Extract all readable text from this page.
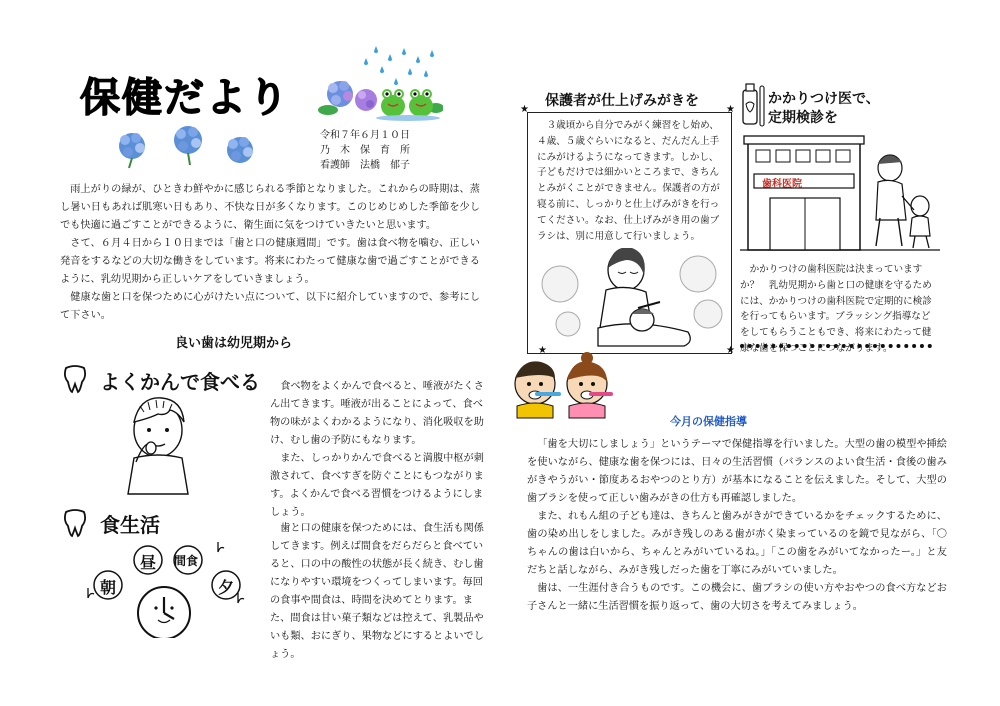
保健だより
令和７年６月１０日
乃　木　保　育　所
看護師　法橋　郁子

雨上がりの緑が、ひときわ鮮やかに感じられる季節となりました。これからの時期は、蒸し暑い日もあれば肌寒い日もあり、不快な日が多くなります。このじめじめした季節を少しでも快適に過ごすことができるように、衛生面に気をつけていきたいと思います。

さて、６月４日から１０日までは「歯と口の健康週間」です。歯は食べ物を噛む、正しい発音をするなどの大切な働きをしています。将来にわたって健康な歯で過ごすことができるように、乳幼児期から正しいケアをしていきましょう。

健康な歯と口を保つために心がけたい点について、以下に紹介していますので、参考にして下さい。

良い歯は幼児期から
よくかんで食べる	食べ物をよくかんで食べると、唾液がたくさん出てきます。唾液が出ることによって、食べ物の味がよくわかるようになり、消化吸収を助け、むし歯の予防にもなります。

また、しっかりかんで食べると満腹中枢が刺激されて、食べすぎを防ぐことにもつながります。よくかんで食べる習慣をつけるようにしましょう。

食生活
朝
昼 間食
夕

歯と口の健康を保つためには、食生活も関係してきます。例えば間食をだらだらと食べていると、口の中の酸性の状態が長く続き、むし歯になりやすい環境をつくってしまいます。毎回の食事や間食は、時間を決めてとります。また、間食は甘い菓子類などは控えて、乳製品やいも類、おにぎり、果物などにするとよいでしょう。

保護者が仕上げみがきを
★	★
★	★

３歳頃から自分でみがく練習をし始め、４歳、５歳ぐらいになると、だんだん上手にみがけるようになってきます。しかし、子どもだけでは細かいところまで、きちんとみがくことができません。保護者の方が寝る前に、しっかりと仕上げみがきを行ってください。なお、仕上げみがき用の歯ブラシは、別に用意して行いましょう。

かかりつけ医で、
定期検診を
歯科医院

かかりつけの歯科医院は決まっていますか？　乳幼児期から歯と口の健康を守るためには、かかりつけの歯科医院で定期的に検診を行ってもらいます。ブラッシング指導などをしてもらうこともでき、将来にわたって健康な歯を保つことにつながります。

今月の保健指導

「歯を大切にしましょう」というテーマで保健指導を行いました。大型の歯の模型や挿絵を使いながら、健康な歯を保つには、日々の生活習慣（バランスのよい食生活・食後の歯みがきやうがい・節度あるおやつのとり方）が基本になることを伝えました。そして、大型の歯ブラシを使って正しい歯みがきの仕方も再確認しました。

また、れもん組の子ども達は、きちんと歯みがきができているかをチェックするために、歯の染め出しをしました。みがき残しのある歯が赤く染まっているのを鏡で見ながら、「〇ちゃんの歯は白いから、ちゃんとみがいているね。」「この歯をみがいてなかったー。」と友だちと話しながら、みがき残しだった歯を丁寧にみがいていました。

歯は、一生涯付き合うものです。この機会に、歯ブラシの使い方やおやつの食べ方などお子さんと一緒に生活習慣を振り返って、歯の大切さを考えてみましょう。
